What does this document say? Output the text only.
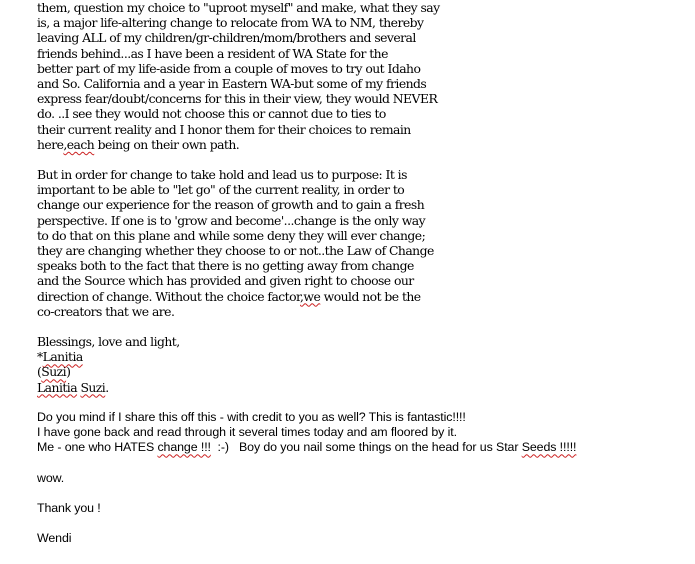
them, question my choice to "uproot myself" and make, what they say
is, a major life-altering change to relocate from WA to NM, thereby
leaving ALL of my children/gr-children/mom/brothers and several
friends behind...as I have been a resident of WA State for the
better part of my life-aside from a couple of moves to try out Idaho
and So. California and a year in Eastern WA-but some of my friends
express fear/doubt/concerns for this in their view, they would NEVER
do. ..I see they would not choose this or cannot due to ties to
their current reality and I honor them for their choices to remain
here,each being on their own path.

But in order for change to take hold and lead us to purpose: It is
important to be able to "let go" of the current reality, in order to
change our experience for the reason of growth and to gain a fresh
perspective. If one is to 'grow and become'...change is the only way
to do that on this plane and while some deny they will ever change;
they are changing whether they choose to or not..the Law of Change
speaks both to the fact that there is no getting away from change
and the Source which has provided and given right to choose our
direction of change. Without the choice factor,we would not be the
co-creators that we are.

Blessings, love and light,
*Lanitia
(Suzi)
Lanitia Suzi.

Do you mind if I share this off this - with credit to you as well? This is fantastic!!!!
I have gone back and read through it several times today and am floored by it.
Me - one who HATES change !!!  :-)   Boy do you nail some things on the head for us Star Seeds !!!!!
wow.
Thank you !
Wendi
